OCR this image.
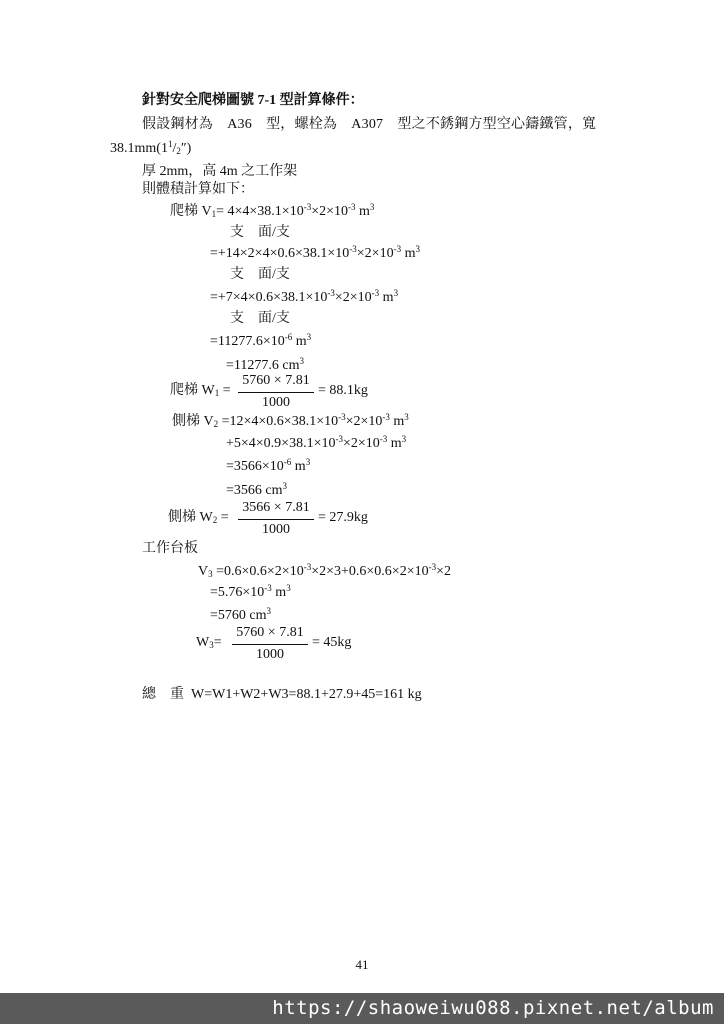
針對安全爬梯圖號 7-1 型計算條件：
假設鋼材為　A36　型，螺栓為　A307　型之不銹鋼方型空心鑄鐵管，寬
$38.1mm(1^1/_2'')$
厚 2mm，高 4m 之工作架
則體積計算如下：
爬梯 $V_1= 4\times 4\times 38.1\times 10^{-3}\times 2\times 10^{-3}$ $m^3$
支　面/支
$=+14\times 2\times 4\times 0.6\times 38.1\times 10^{-3}\times 2\times 10^{-3}$ $m^3$
支　面/支
$=+7\times 4\times 0.6\times 38.1\times 10^{-3}\times 2\times 10^{-3}$ $m^3$
支　面/支
$=11277.6\times 10^{-6}$ $m^3$
=11277.6 $cm^3$
爬梯 $W_1$ =
5760 × 7.81
1000
= 88.1kg
側梯 $V_2 =12\times 4\times 0.6\times 38.1\times 10^{-3}\times 2\times 10^{-3}$ $m^3$
$+5\times 4\times 0.9\times 38.1\times 10^{-3}\times 2\times 10^{-3}$ $m^3$
$=3566\times 10^{-6}$ $m^3$
=3566 $cm^3$
側梯 $W_2$ =
3566 × 7.81
1000
= 27.9kg
工作台板
$V_3 =0.6\times 0.6\times 2\times 10^{-3}\times 2\times 3+0.6\times 0.6\times 2\times 10^{-3}\times 2$
$=5.76\times 10^{-3}$ $m^3$
=5760 $cm^3$
$W_3=$
5760 × 7.81
1000
= 45kg
總　重 W=W1+W2+W3=88.1+27.9+45=161 kg
41
https://shaoweiwu088.pixnet.net/album
